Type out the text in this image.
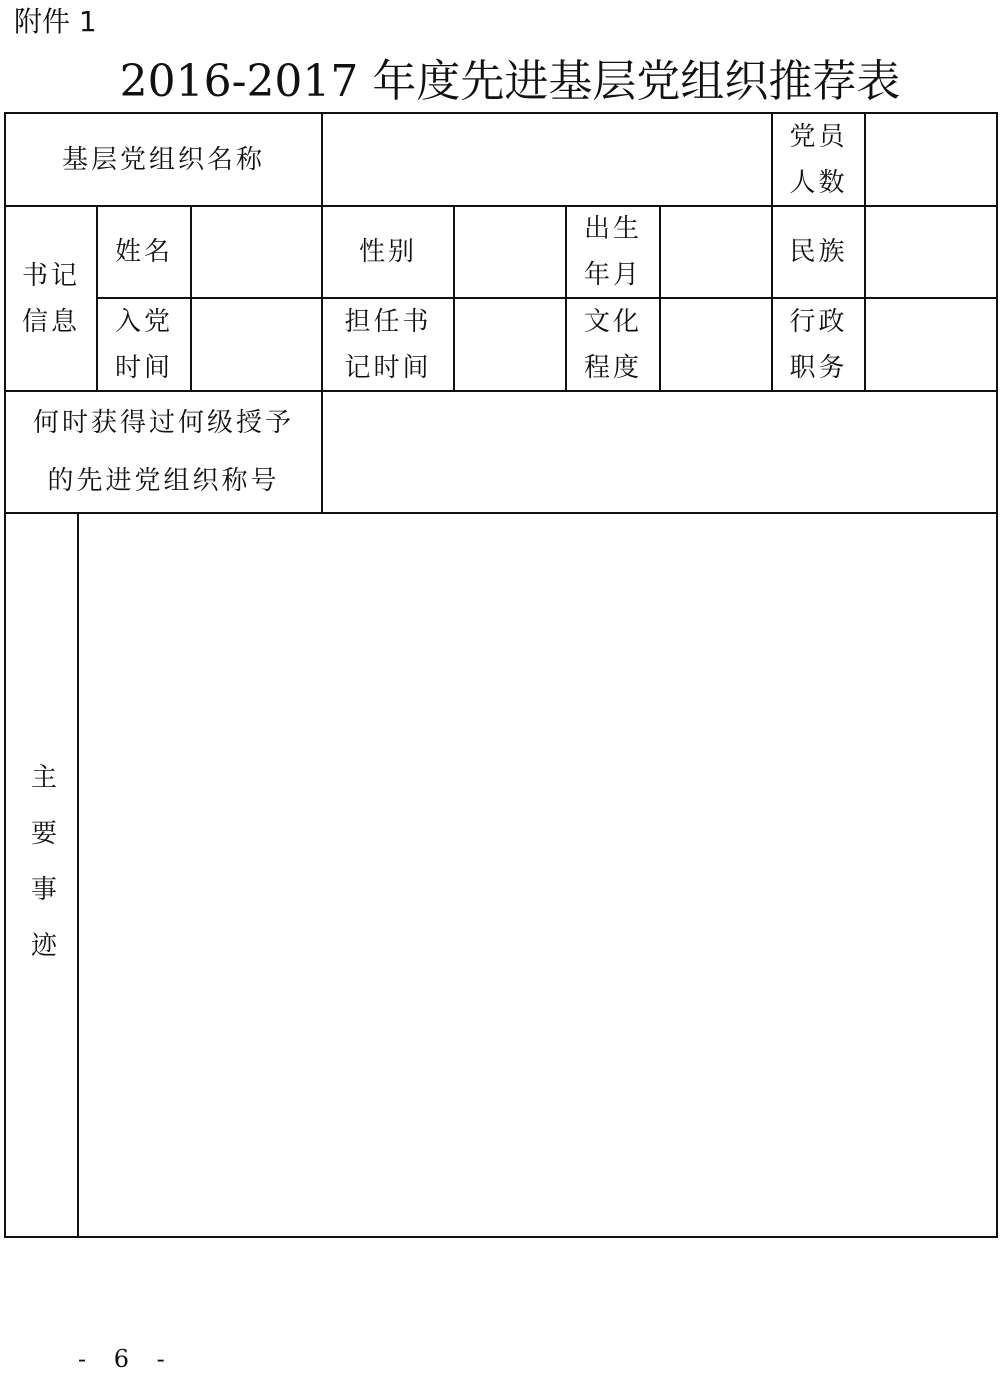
附件 1
2016-2017 年度先进基层党组织推荐表
基层党组织名称
党员
人数
书记
信息
姓名	性别
出生
年月
民族
入党
时间
担任书
记时间
文化
程度
行政
职务
何时获得过何级授予
的先进党组织称号
主要事迹
- 6 -
